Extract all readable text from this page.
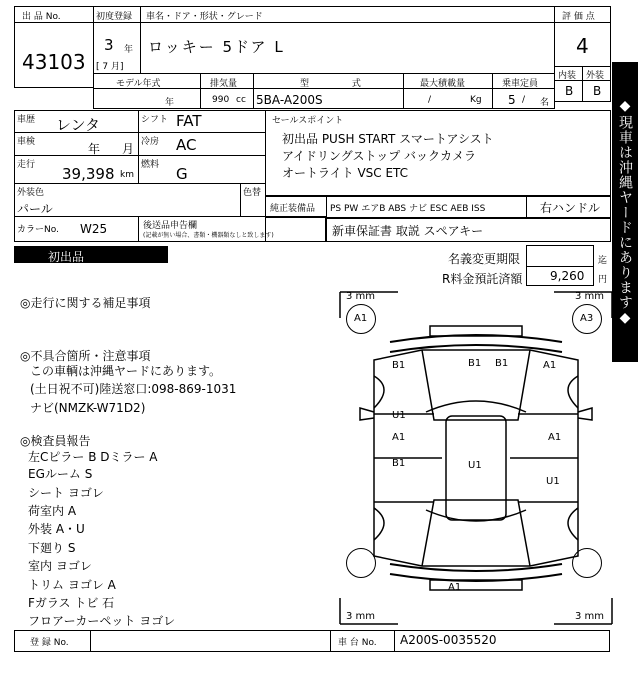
出 品 No.
43103
初度登録
3 年
[ 7 月]
車名・ドア・形状・グレード
ロッキー 5ドア L
評 価 点
4
内装 外装
B B
モデル年式
年
排気量
990 cc
型 式
5BA-A200S
最大積載量
/	Kg
乗車定員
5 / 名
車歴 レンタ	シフト FAT
車検	年 月 冷房 AC
走行 39,398 km
燃料 G
外装色
パール
色替
カラーNo. W25	後送品申告欄
(記載が無い場合、書類・機器類なしと致します)
セールスポイント
初出品 PUSH START スマートアシスト
アイドリングストップ バックカメラ
オートライト VSC ETC
純正装備品 PS PW エアB ABS ナビ ESC AEB ISS	右ハンドル
新車保証書 取説 スペアキー
初出品	名義変更期限	迄
R料金預託済額 9,260 円 ◆現車は沖縄ヤードにあります◆
◎走行に関する補足事項
◎不具合箇所・注意事項
この車輌は沖縄ヤードにあります。
(土日祝不可)陸送窓口:098-869-1031
ナビ(NMZK-W71D2)
◎検査員報告
左Cピラー B Dミラー A
EGルーム S
シート ヨゴレ
荷室内 A
外装 A・U
下廻り S
室内 ヨゴレ
トリム ヨゴレ A
Fガラス トビ 石
フロアーカーペット ヨゴレ
3 mm	3 mm
3 mm	3 mm
A1	A3
B1	B1 B1	A1
U1
A1	A1
B1	U1
U1
A1
登 録 No.	車 台 No. A200S-0035520
